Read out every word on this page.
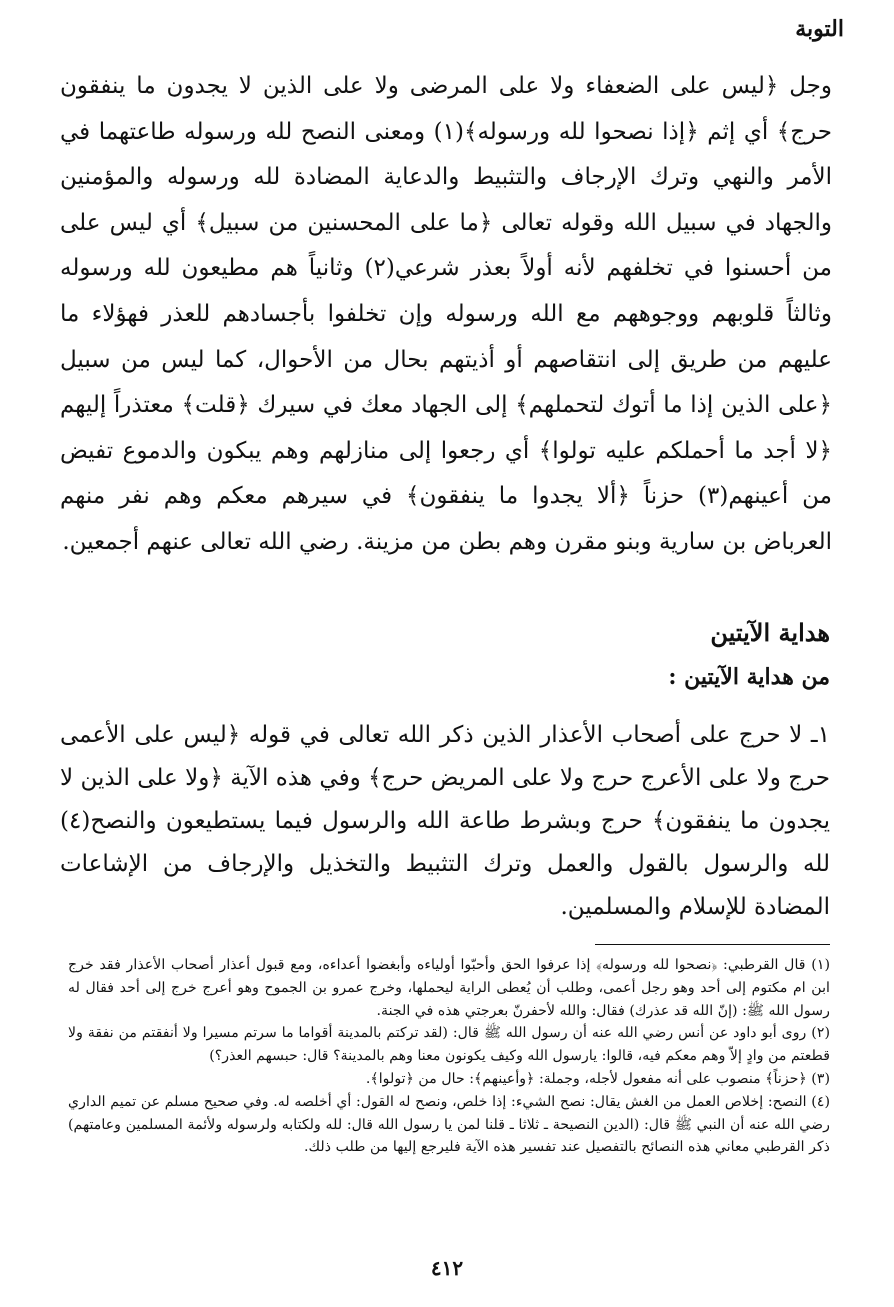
التوبة

وجل ﴿ليس على الضعفاء ولا على المرضى ولا على الذين لا يجدون ما ينفقون حرج﴾ أي إثم ﴿إذا نصحوا لله ورسوله﴾(١) ومعنى النصح لله ورسوله طاعتهما في الأمر والنهي وترك الإرجاف والتثبيط والدعاية المضادة لله ورسوله والمؤمنين والجهاد في سبيل الله وقوله تعالى ﴿ما على المحسنين من سبيل﴾ أي ليس على من أحسنوا في تخلفهم لأنه أولاً بعذر شرعي(٢) وثانياً هم مطيعون لله ورسوله وثالثاً قلوبهم ووجوههم مع الله ورسوله وإن تخلفوا بأجسادهم للعذر فهؤلاء ما عليهم من طريق إلى انتقاصهم أو أذيتهم بحال من الأحوال، كما ليس من سبيل ﴿على الذين إذا ما أتوك لتحملهم﴾ إلى الجهاد معك في سيرك ﴿قلت﴾ معتذراً إليهم ﴿لا أجد ما أحملكم عليه تولوا﴾ أي رجعوا إلى منازلهم وهم يبكون والدموع تفيض من أعينهم(٣) حزناً ﴿ألا يجدوا ما ينفقون﴾ في سيرهم معكم وهم نفر منهم العرباض بن سارية وبنو مقرن وهم بطن من مزينة. رضي الله تعالى عنهم أجمعين.

هداية الآيتين
من هداية الآيتين :

١ـ لا حرج على أصحاب الأعذار الذين ذكر الله تعالى في قوله ﴿ليس على الأعمى حرج ولا على الأعرج حرج ولا على المريض حرج﴾ وفي هذه الآية ﴿ولا على الذين لا يجدون ما ينفقون﴾ حرج وبشرط طاعة الله والرسول فيما يستطيعون والنصح(٤) لله والرسول بالقول والعمل وترك التثبيط والتخذيل والإرجاف من الإشاعات المضادة للإسلام والمسلمين.

(١) قال القرطبي: ﴿نصحوا لله ورسوله﴾ إذا عرفوا الحق وأحبّوا أولياءه وأبغضوا أعداءه، ومع قبول أعذار أصحاب الأعذار فقد خرج ابن ام مكتوم إلى أحد وهو رجل أعمى، وطلب أن يُعطى الراية ليحملها، وخرج عمرو بن الجموح وهو أعرج خرج إلى أحد فقال له رسول الله ﷺ: (إنّ الله قد عذرك) فقال: والله لأحفرنّ بعرجتي هذه في الجنة.

(٢) روى أبو داود عن أنس رضي الله عنه أن رسول الله ﷺ قال: (لقد تركتم بالمدينة أقواما ما سرتم مسيرا ولا أنفقتم من نفقة ولا قطعتم من وادٍ إلاّ وهم معكم فيه، قالوا: يارسول الله وكيف يكونون معنا وهم بالمدينة؟ قال: حبسهم العذر؟)

(٣) ﴿حزناً﴾ منصوب على أنه مفعول لأجله، وجملة: ﴿وأعينهم﴾: حال من ﴿تولوا﴾.

(٤) النصح: إخلاص العمل من الغش يقال: نصح الشيء: إذا خلص، ونصح له القول: أي أخلصه له. وفي صحيح مسلم عن تميم الداري رضي الله عنه أن النبي ﷺ قال: (الدين النصيحة ـ ثلاثا ـ قلنا لمن يا رسول الله قال: لله ولكتابه ولرسوله ولأئمة المسلمين وعامتهم) ذكر القرطبي معاني هذه النصائح بالتفصيل عند تفسير هذه الآية فليرجع إليها من طلب ذلك.

٤١٢
